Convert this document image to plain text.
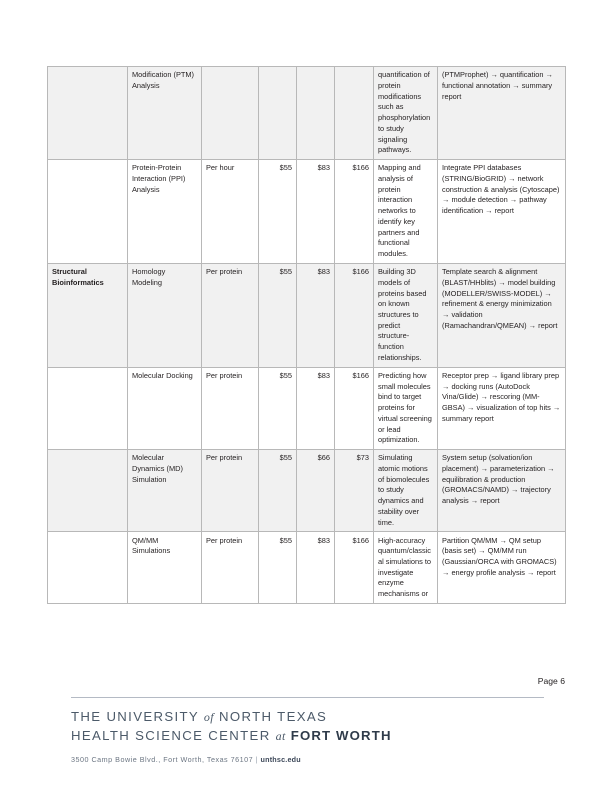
	Modification (PTM) Analysis					quantification of protein modifications such as phosphorylation to study signaling pathways.	(PTMProphet) → quantification → functional annotation → summary report
	Protein-Protein Interaction (PPI) Analysis	Per hour	$55	$83	$166	Mapping and analysis of protein interaction networks to identify key partners and functional modules.	Integrate PPI databases (STRING/BioGRID) → network construction & analysis (Cytoscape) → module detection → pathway identification → report
Structural Bioinformatics	Homology Modeling	Per protein	$55	$83	$166	Building 3D models of proteins based on known structures to predict structure-function relationships.	Template search & alignment (BLAST/HHblits) → model building (MODELLER/SWISS-MODEL) → refinement & energy minimization → validation (Ramachandran/QMEAN) → report
	Molecular Docking	Per protein	$55	$83	$166	Predicting how small molecules bind to target proteins for virtual screening or lead optimization.	Receptor prep → ligand library prep → docking runs (AutoDock Vina/Glide) → rescoring (MM-GBSA) → visualization of top hits → summary report
	Molecular Dynamics (MD) Simulation	Per protein	$55	$66	$73	Simulating atomic motions of biomolecules to study dynamics and stability over time.	System setup (solvation/ion placement) → parameterization → equilibration & production (GROMACS/NAMD) → trajectory analysis → report
	QM/MM Simulations	Per protein	$55	$83	$166	High-accuracy quantum/classical simulations to investigate enzyme mechanisms or	Partition QM/MM → QM setup (basis set) → QM/MM run (Gaussian/ORCA with GROMACS) → energy profile analysis → report
Page 6
THE UNIVERSITY of NORTH TEXAS
HEALTH SCIENCE CENTER at FORT WORTH
3500 Camp Bowie Blvd., Fort Worth, Texas 76107 | unthsc.edu
